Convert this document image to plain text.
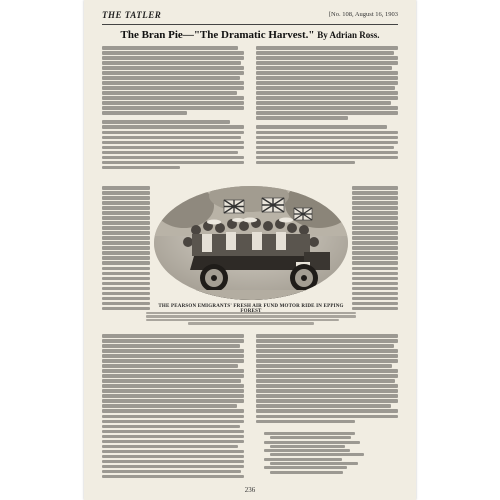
THE TATLER	[No. 108, August 16, 1903
The Bran Pie—"The Dramatic Harvest." By Adrian Ross.
THE PEARSON EMIGRANTS' FRESH AIR FUND MOTOR RIDE IN EPPING
236
